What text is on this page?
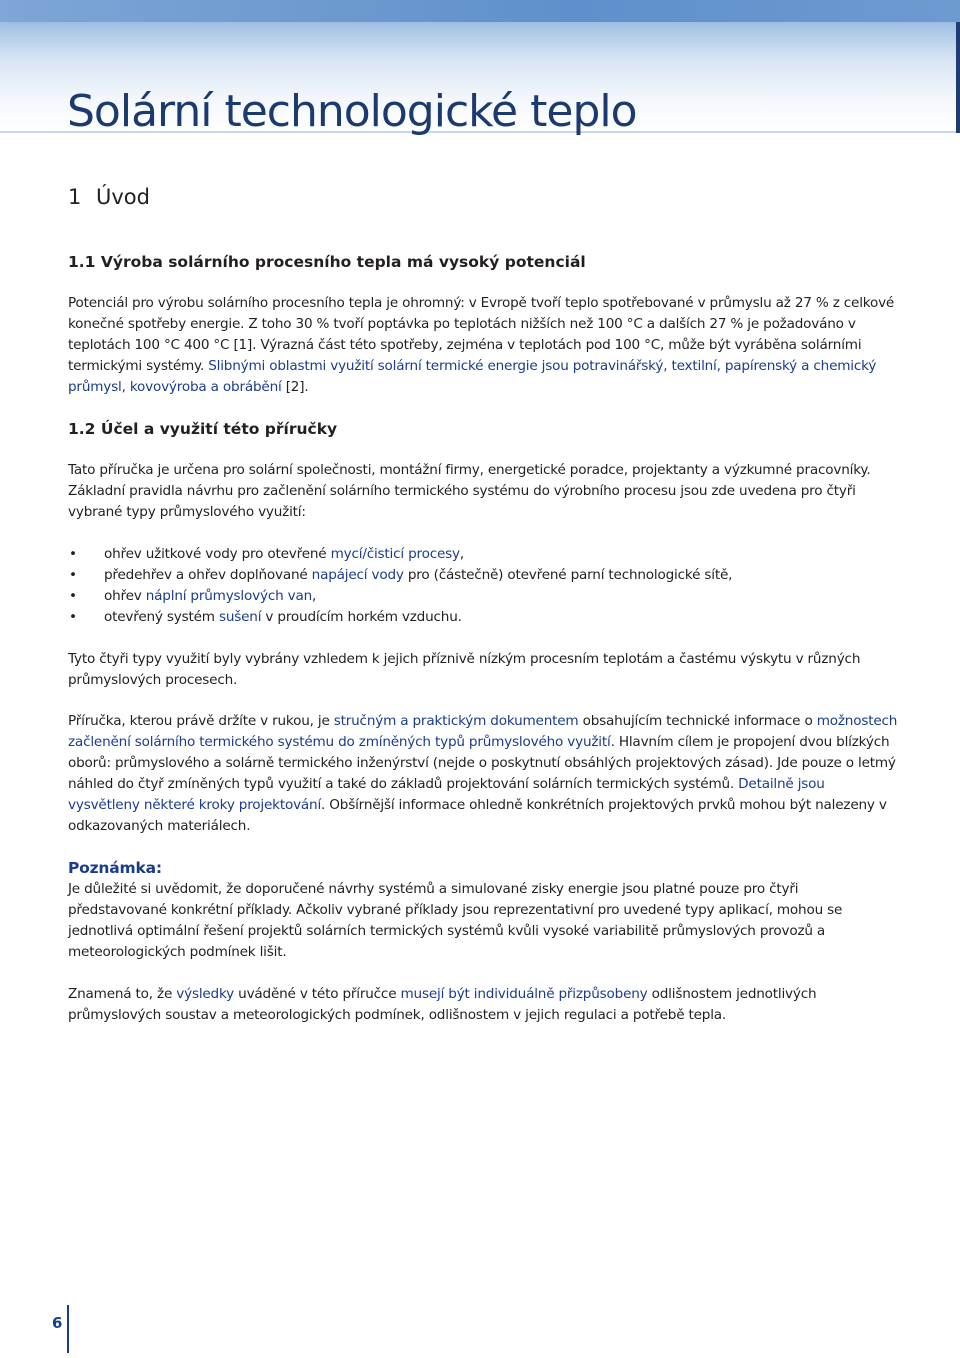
Solární technologické teplo
1 Úvod
1.1 Výroba solárního procesního tepla má vysoký potenciál

Potenciál pro výrobu solárního procesního tepla je ohromný: v Evropě tvoří teplo spotřebované v průmyslu až 27 % z celkové konečné spotřeby energie. Z toho 30 % tvoří poptávka po teplotách nižších než 100 °C a dalších 27 % je požadováno v teplotách 100 °C 400 °C [1]. Výrazná část této spotřeby, zejména v teplotách pod 100 °C, může být vyráběna solárními termickými systémy. Slibnými oblastmi využití solární termické energie jsou potravinářský, textilní, papírenský a chemický průmysl, kovovýroba a obrábění [2].

1.2 Účel a využití této příručky

Tato příručka je určena pro solární společnosti, montážní firmy, energetické poradce, projektanty a výzkumné pracovníky. Základní pravidla návrhu pro začlenění solárního termického systému do výrobního procesu jsou zde uvedena pro čtyři vybrané typy průmyslového využití:

• ohřev užitkové vody pro otevřené mycí/čisticí procesy,
• předehřev a ohřev doplňované napájecí vody pro (částečně) otevřené parní technologické sítě,
• ohřev náplní průmyslových van,
• otevřený systém sušení v proudícím horkém vzduchu.

Tyto čtyři typy využití byly vybrány vzhledem k jejich příznivě nízkým procesním teplotám a častému výskytu v různých průmyslových procesech.

Příručka, kterou právě držíte v rukou, je stručným a praktickým dokumentem obsahujícím technické informace o možnostech začlenění solárního termického systému do zmíněných typů průmyslového využití. Hlavním cílem je propojení dvou blízkých oborů: průmyslového a solárně termického inženýrství (nejde o poskytnutí obsáhlých projektových zásad). Jde pouze o letmý náhled do čtyř zmíněných typů využití a také do základů projektování solárních termických systémů. Detailně jsou vysvětleny některé kroky projektování. Obšírnější informace ohledně konkrétních projektových prvků mohou být nalezeny v odkazovaných materiálech.

Poznámka:

Je důležité si uvědomit, že doporučené návrhy systémů a simulované zisky energie jsou platné pouze pro čtyři představované konkrétní příklady. Ačkoliv vybrané příklady jsou reprezentativní pro uvedené typy aplikací, mohou se jednotlivá optimální řešení projektů solárních termických systémů kvůli vysoké variabilitě průmyslových provozů a meteorologických podmínek lišit.

Znamená to, že výsledky uváděné v této příručce musejí být individuálně přizpůsobeny odlišnostem jednotlivých průmyslových soustav a meteorologických podmínek, odlišnostem v jejich regulaci a potřebě tepla.

6
